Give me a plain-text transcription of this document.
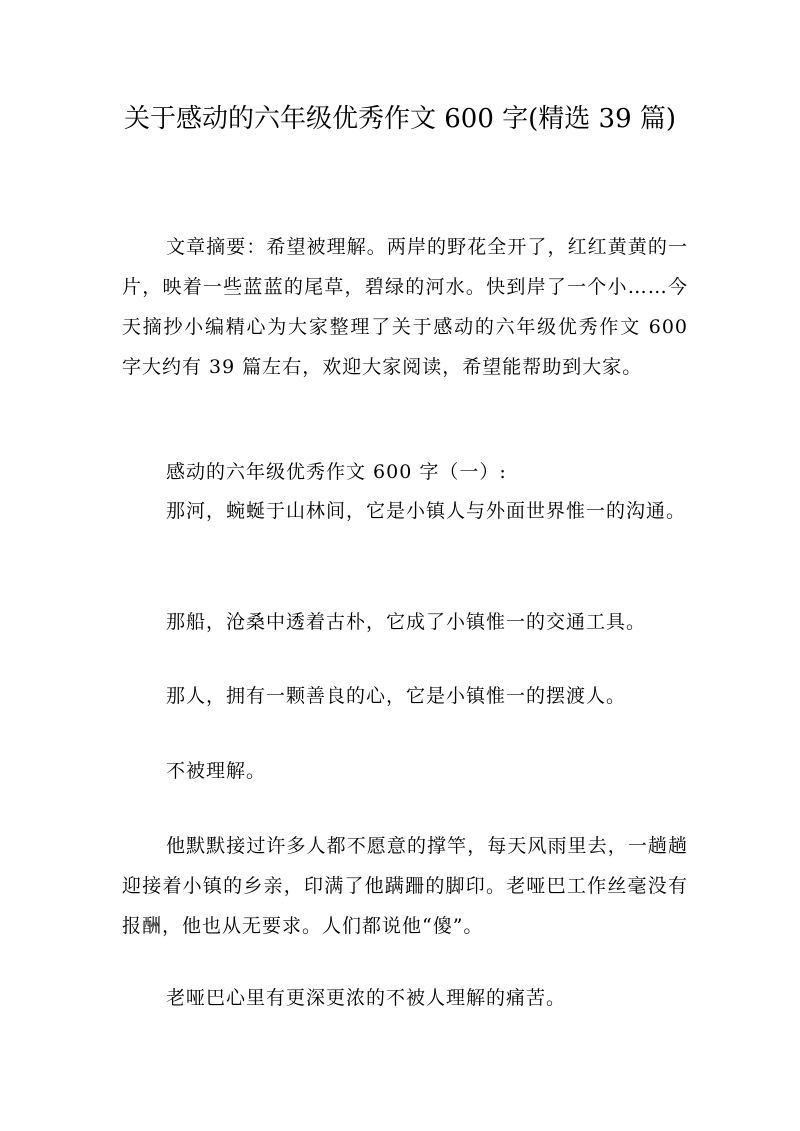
关于感动的六年级优秀作文 600 字(精选 39 篇)

文章摘要：希望被理解。两岸的野花全开了，红红黄黄的一片，映着一些蓝蓝的尾草，碧绿的河水。快到岸了一个小……今天摘抄小编精心为大家整理了关于感动的六年级优秀作文 600 字大约有 39 篇左右，欢迎大家阅读，希望能帮助到大家。

感动的六年级优秀作文 600 字（一）:

那河，蜿蜒于山林间，它是小镇人与外面世界惟一的沟通。

那船，沧桑中透着古朴，它成了小镇惟一的交通工具。

那人，拥有一颗善良的心，它是小镇惟一的摆渡人。

不被理解。

他默默接过许多人都不愿意的撑竿，每天风雨里去，一趟趟迎接着小镇的乡亲，印满了他蹒跚的脚印。老哑巴工作丝毫没有报酬，他也从无要求。人们都说他“傻”。

老哑巴心里有更深更浓的不被人理解的痛苦。
